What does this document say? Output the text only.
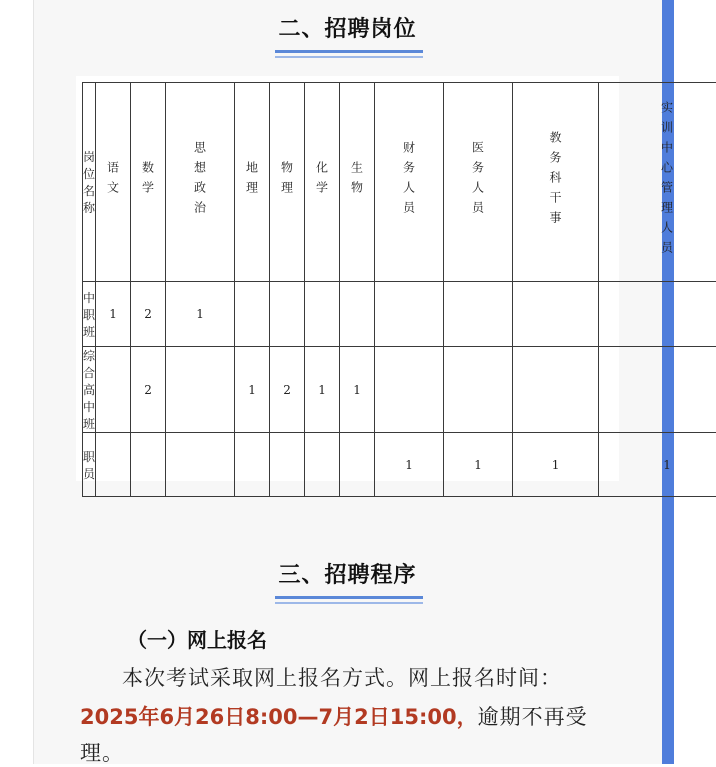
二、招聘岗位
岗位名称	语文	数学	思想政治	地理	物理	化学	生物	财务人员	医务人员	教务科干事	实训中心管理人员		
中职班	1	2	1										
综合高中班		2		1	2	1	1						
职员								1	1	1	1		
三、招聘程序
（一）网上报名
本次考试采取网上报名方式。网上报名时间：
2025年6月26日8:00—7月2日15:00，逾期不再受
理。
